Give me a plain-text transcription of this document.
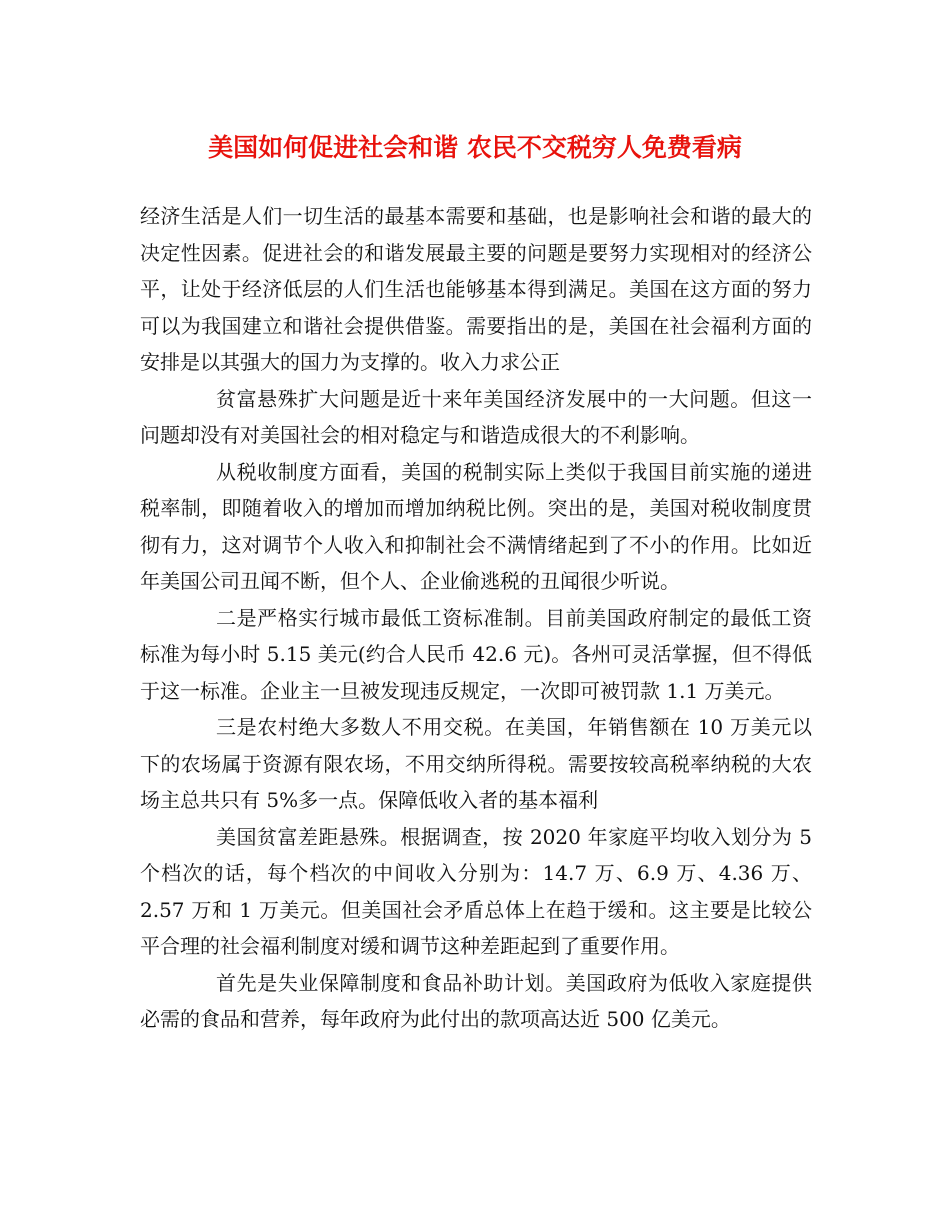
美国如何促进社会和谐 农民不交税穷人免费看病

经济生活是人们一切生活的最基本需要和基础，也是影响社会和谐的最大的决定性因素。促进社会的和谐发展最主要的问题是要努力实现相对的经济公平，让处于经济低层的人们生活也能够基本得到满足。美国在这方面的努力可以为我国建立和谐社会提供借鉴。需要指出的是，美国在社会福利方面的安排是以其强大的国力为支撑的。收入力求公正

贫富悬殊扩大问题是近十来年美国经济发展中的一大问题。但这一问题却没有对美国社会的相对稳定与和谐造成很大的不利影响。

从税收制度方面看，美国的税制实际上类似于我国目前实施的递进税率制，即随着收入的增加而增加纳税比例。突出的是，美国对税收制度贯彻有力，这对调节个人收入和抑制社会不满情绪起到了不小的作用。比如近年美国公司丑闻不断，但个人、企业偷逃税的丑闻很少听说。

二是严格实行城市最低工资标准制。目前美国政府制定的最低工资标准为每小时 5.15 美元(约合人民币 42.6 元)。各州可灵活掌握，但不得低于这一标准。企业主一旦被发现违反规定，一次即可被罚款 1.1 万美元。

三是农村绝大多数人不用交税。在美国，年销售额在 10 万美元以下的农场属于资源有限农场，不用交纳所得税。需要按较高税率纳税的大农场主总共只有 5%多一点。保障低收入者的基本福利

美国贫富差距悬殊。根据调查，按 2020 年家庭平均收入划分为 5 个档次的话，每个档次的中间收入分别为：14.7 万、6.9 万、4.36 万、2.57 万和 1 万美元。但美国社会矛盾总体上在趋于缓和。这主要是比较公平合理的社会福利制度对缓和调节这种差距起到了重要作用。

首先是失业保障制度和食品补助计划。美国政府为低收入家庭提供必需的食品和营养，每年政府为此付出的款项高达近 500 亿美元。
